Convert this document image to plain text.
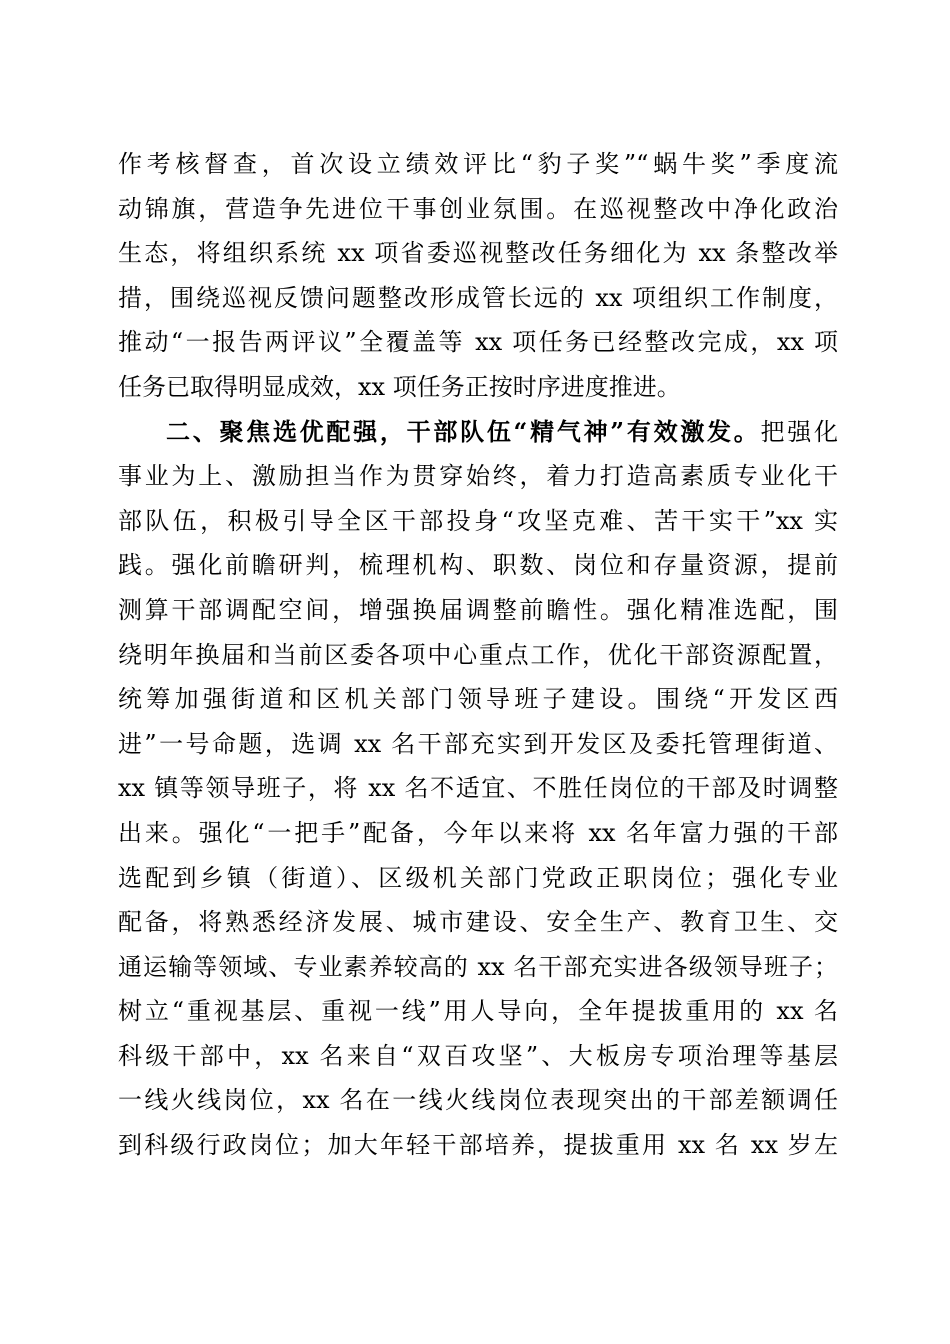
作考核督查，首次设立绩效评比“豹子奖”“蜗牛奖”季度流
动锦旗，营造争先进位干事创业氛围。在巡视整改中净化政治
生态，将组织系统 xx 项省委巡视整改任务细化为 xx 条整改举
措，围绕巡视反馈问题整改形成管长远的 xx 项组织工作制度，
推动“一报告两评议”全覆盖等 xx 项任务已经整改完成，xx 项
任务已取得明显成效，xx 项任务正按时序进度推进。
二、聚焦选优配强，干部队伍“精气神”有效激发。把强化
事业为上、激励担当作为贯穿始终，着力打造高素质专业化干
部队伍，积极引导全区干部投身“攻坚克难、苦干实干”xx 实
践。强化前瞻研判，梳理机构、职数、岗位和存量资源，提前
测算干部调配空间，增强换届调整前瞻性。强化精准选配，围
绕明年换届和当前区委各项中心重点工作，优化干部资源配置，
统筹加强街道和区机关部门领导班子建设。围绕“开发区西
进”一号命题，选调 xx 名干部充实到开发区及委托管理街道、
xx 镇等领导班子，将 xx 名不适宜、不胜任岗位的干部及时调整
出来。强化“一把手”配备，今年以来将 xx 名年富力强的干部
选配到乡镇（街道）、区级机关部门党政正职岗位；强化专业
配备，将熟悉经济发展、城市建设、安全生产、教育卫生、交
通运输等领域、专业素养较高的 xx 名干部充实进各级领导班子；
树立“重视基层、重视一线”用人导向，全年提拔重用的 xx 名
科级干部中，xx 名来自“双百攻坚”、大板房专项治理等基层
一线火线岗位，xx 名在一线火线岗位表现突出的干部差额调任
到科级行政岗位；加大年轻干部培养，提拔重用 xx 名 xx 岁左
